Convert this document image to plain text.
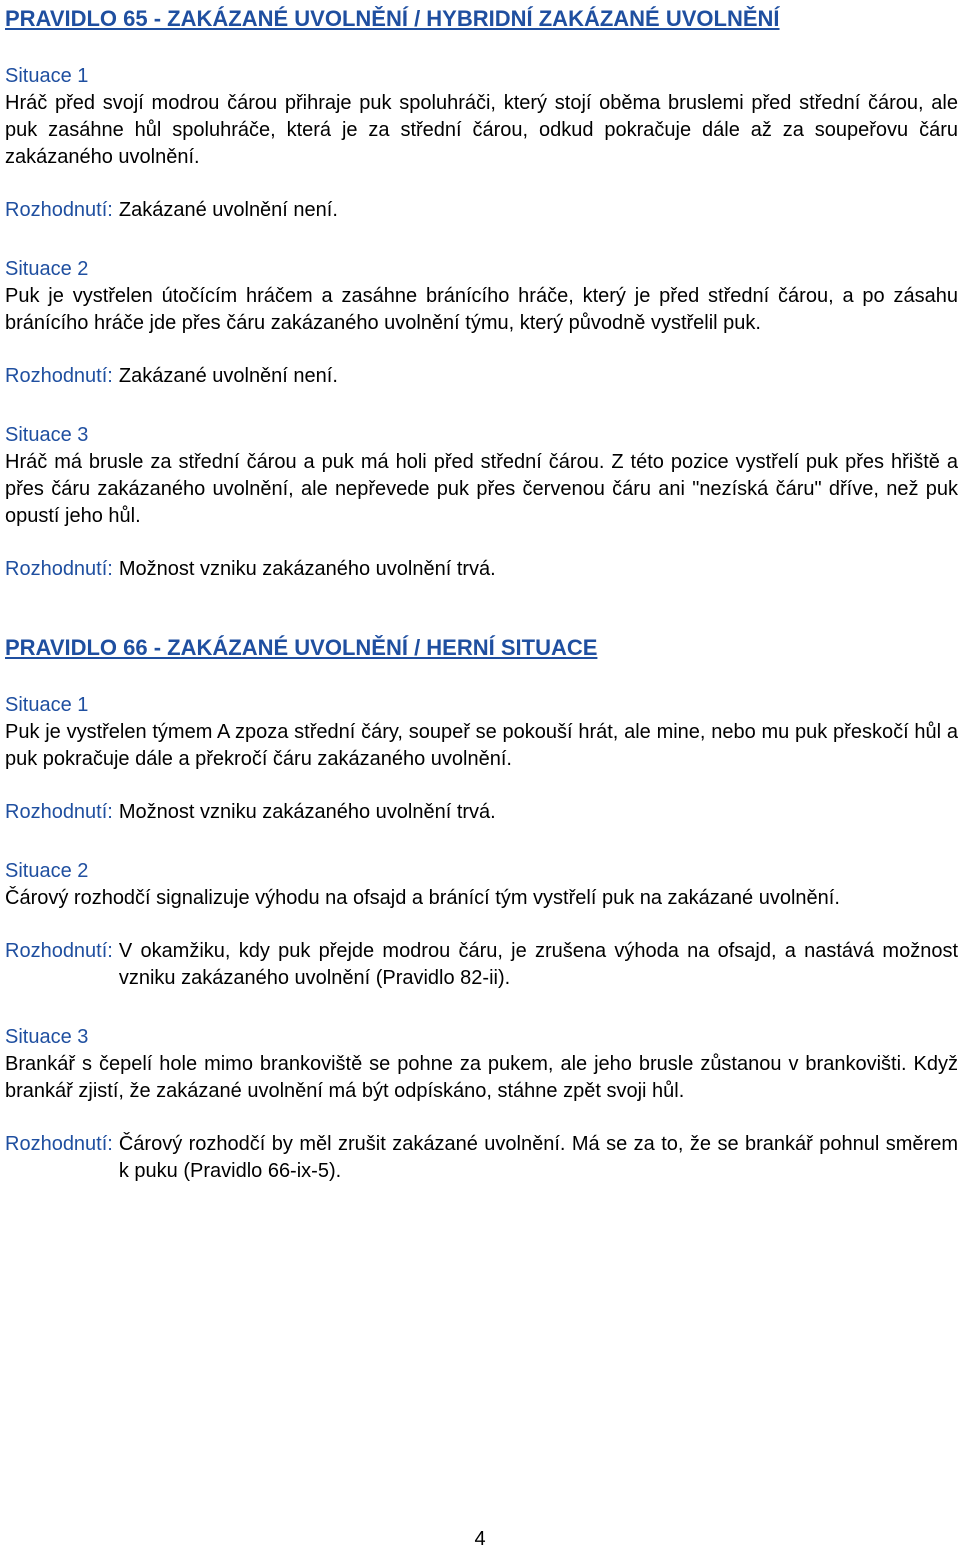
PRAVIDLO 65 - ZAKÁZANÉ UVOLNĚNÍ / HYBRIDNÍ ZAKÁZANÉ UVOLNĚNÍ
Situace 1

Hráč před svojí modrou čárou přihraje puk spoluhráči, který stojí oběma bruslemi před střední čárou, ale puk zasáhne hůl spoluhráče, která je za střední čárou, odkud pokračuje dále až za soupeřovu čáru zakázaného uvolnění.

Rozhodnutí: Zakázané uvolnění není.
Situace 2

Puk je vystřelen útočícím hráčem a zasáhne bránícího hráče, který je před střední čárou, a po zásahu bránícího hráče jde přes čáru zakázaného uvolnění týmu, který původně vystřelil puk.

Rozhodnutí: Zakázané uvolnění není.
Situace 3

Hráč má brusle za střední čárou a puk má holi před střední čárou. Z této pozice vystřelí puk přes hřiště a přes čáru zakázaného uvolnění, ale nepřevede puk přes červenou čáru ani "nezíská čáru" dříve, než puk opustí jeho hůl.

Rozhodnutí: Možnost vzniku zakázaného uvolnění trvá.
PRAVIDLO 66 - ZAKÁZANÉ UVOLNĚNÍ / HERNÍ SITUACE
Situace 1

Puk je vystřelen týmem A zpoza střední čáry, soupeř se pokouší hrát, ale mine, nebo mu puk přeskočí hůl a puk pokračuje dále a překročí čáru zakázaného uvolnění.

Rozhodnutí: Možnost vzniku zakázaného uvolnění trvá.
Situace 2

Čárový rozhodčí signalizuje výhodu na ofsajd a bránící tým vystřelí puk na zakázané uvolnění.

Rozhodnutí: V okamžiku, kdy puk přejde modrou čáru, je zrušena výhoda na ofsajd, a nastává možnost vzniku zakázaného uvolnění (Pravidlo 82-ii).
Situace 3

Brankář s čepelí hole mimo brankoviště se pohne za pukem, ale jeho brusle zůstanou v brankovišti. Když brankář zjistí, že zakázané uvolnění má být odpískáno, stáhne zpět svoji hůl.

Rozhodnutí: Čárový rozhodčí by měl zrušit zakázané uvolnění. Má se za to, že se brankář pohnul směrem k puku (Pravidlo 66-ix-5).
4
